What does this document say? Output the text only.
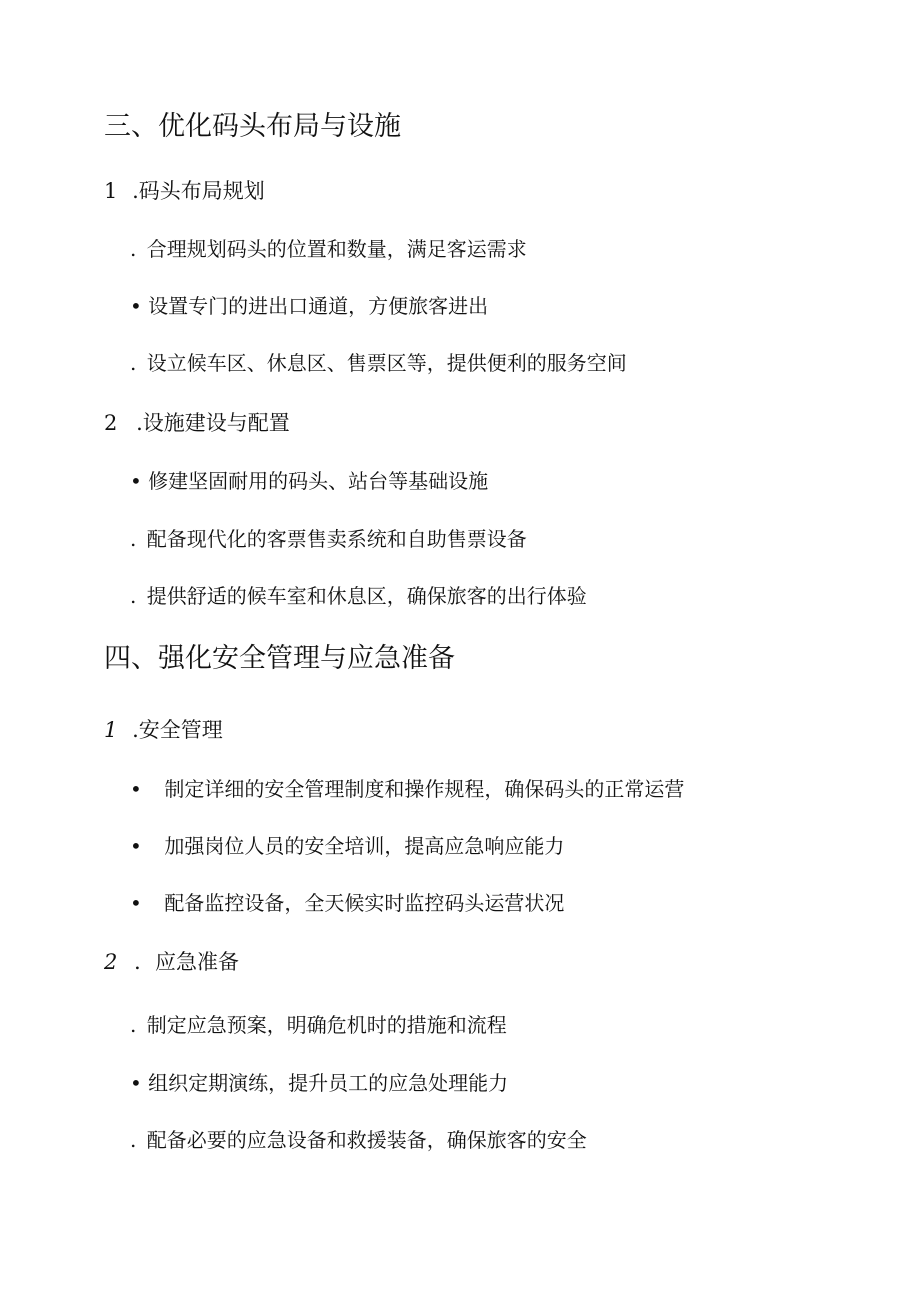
三、优化码头布局与设施
1 .码头布局规划
. 合理规划码头的位置和数量，满足客运需求
• 设置专门的进出口通道，方便旅客进出
. 设立候车区、休息区、售票区等，提供便利的服务空间
2 .设施建设与配置
• 修建坚固耐用的码头、站台等基础设施
. 配备现代化的客票售卖系统和自助售票设备
. 提供舒适的候车室和休息区，确保旅客的出行体验
四、强化安全管理与应急准备
1 .安全管理
• 制定详细的安全管理制度和操作规程，确保码头的正常运营
• 加强岗位人员的安全培训，提高应急响应能力
• 配备监控设备，全天候实时监控码头运营状况
2 ．应急准备
. 制定应急预案，明确危机时的措施和流程
• 组织定期演练，提升员工的应急处理能力
. 配备必要的应急设备和救援装备，确保旅客的安全
